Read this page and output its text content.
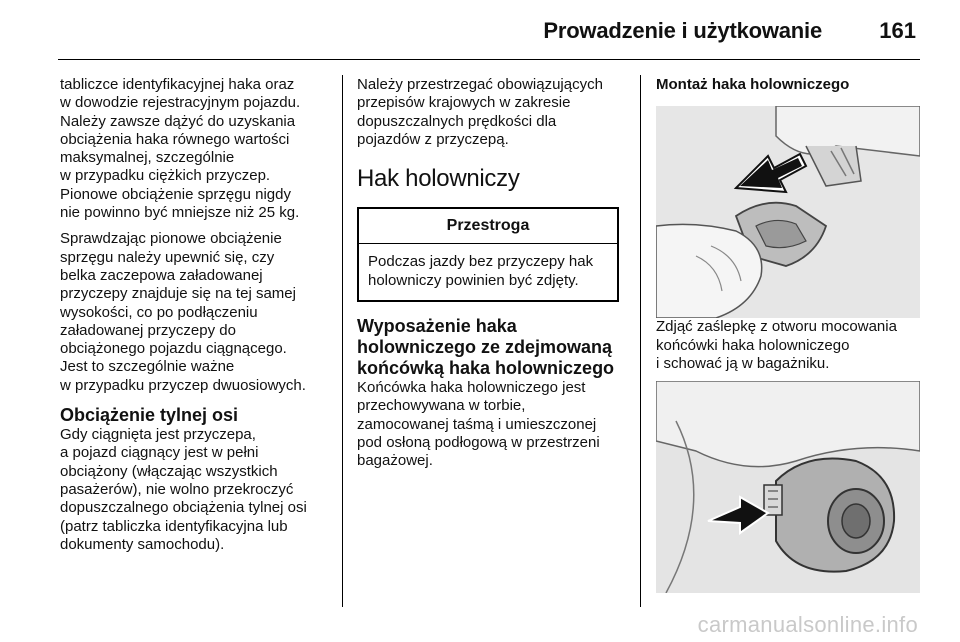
Prowadzenie i użytkowanie	161

tabliczce identyfikacyjnej haka oraz
w dowodzie rejestracyjnym pojazdu.
Należy zawsze dążyć do uzyskania
obciążenia haka równego wartości
maksymalnej, szczególnie
w przypadku ciężkich przyczep.
Pionowe obciążenie sprzęgu nigdy
nie powinno być mniejsze niż 25 kg.

Sprawdzając pionowe obciążenie
sprzęgu należy upewnić się, czy
belka zaczepowa załadowanej
przyczepy znajduje się na tej samej
wysokości, co po podłączeniu
załadowanej przyczepy do
obciążonego pojazdu ciągnącego.
Jest to szczególnie ważne
w przypadku przyczep dwuosiowych.

Obciążenie tylnej osi

Gdy ciągnięta jest przyczepa,
a pojazd ciągnący jest w pełni
obciążony (włączając wszystkich
pasażerów), nie wolno przekroczyć
dopuszczalnego obciążenia tylnej osi
(patrz tabliczka identyfikacyjna lub
dokumenty samochodu).

Należy przestrzegać obowiązujących
przepisów krajowych w zakresie
dopuszczalnych prędkości dla
pojazdów z przyczepą.

Hak holowniczy
Przestroga
Podczas jazdy bez przyczepy hak
holowniczy powinien być zdjęty.
Wyposażenie haka
holowniczego ze zdejmowaną
końcówką haka holowniczego

Końcówka haka holowniczego jest
przechowywana w torbie,
zamocowanej taśmą i umieszczonej
pod osłoną podłogową w przestrzeni
bagażowej.

Montaż haka holowniczego

Zdjąć zaślepkę z otworu mocowania
końcówki haka holowniczego
i schować ją w bagażniku.

carmanualsonline.info
